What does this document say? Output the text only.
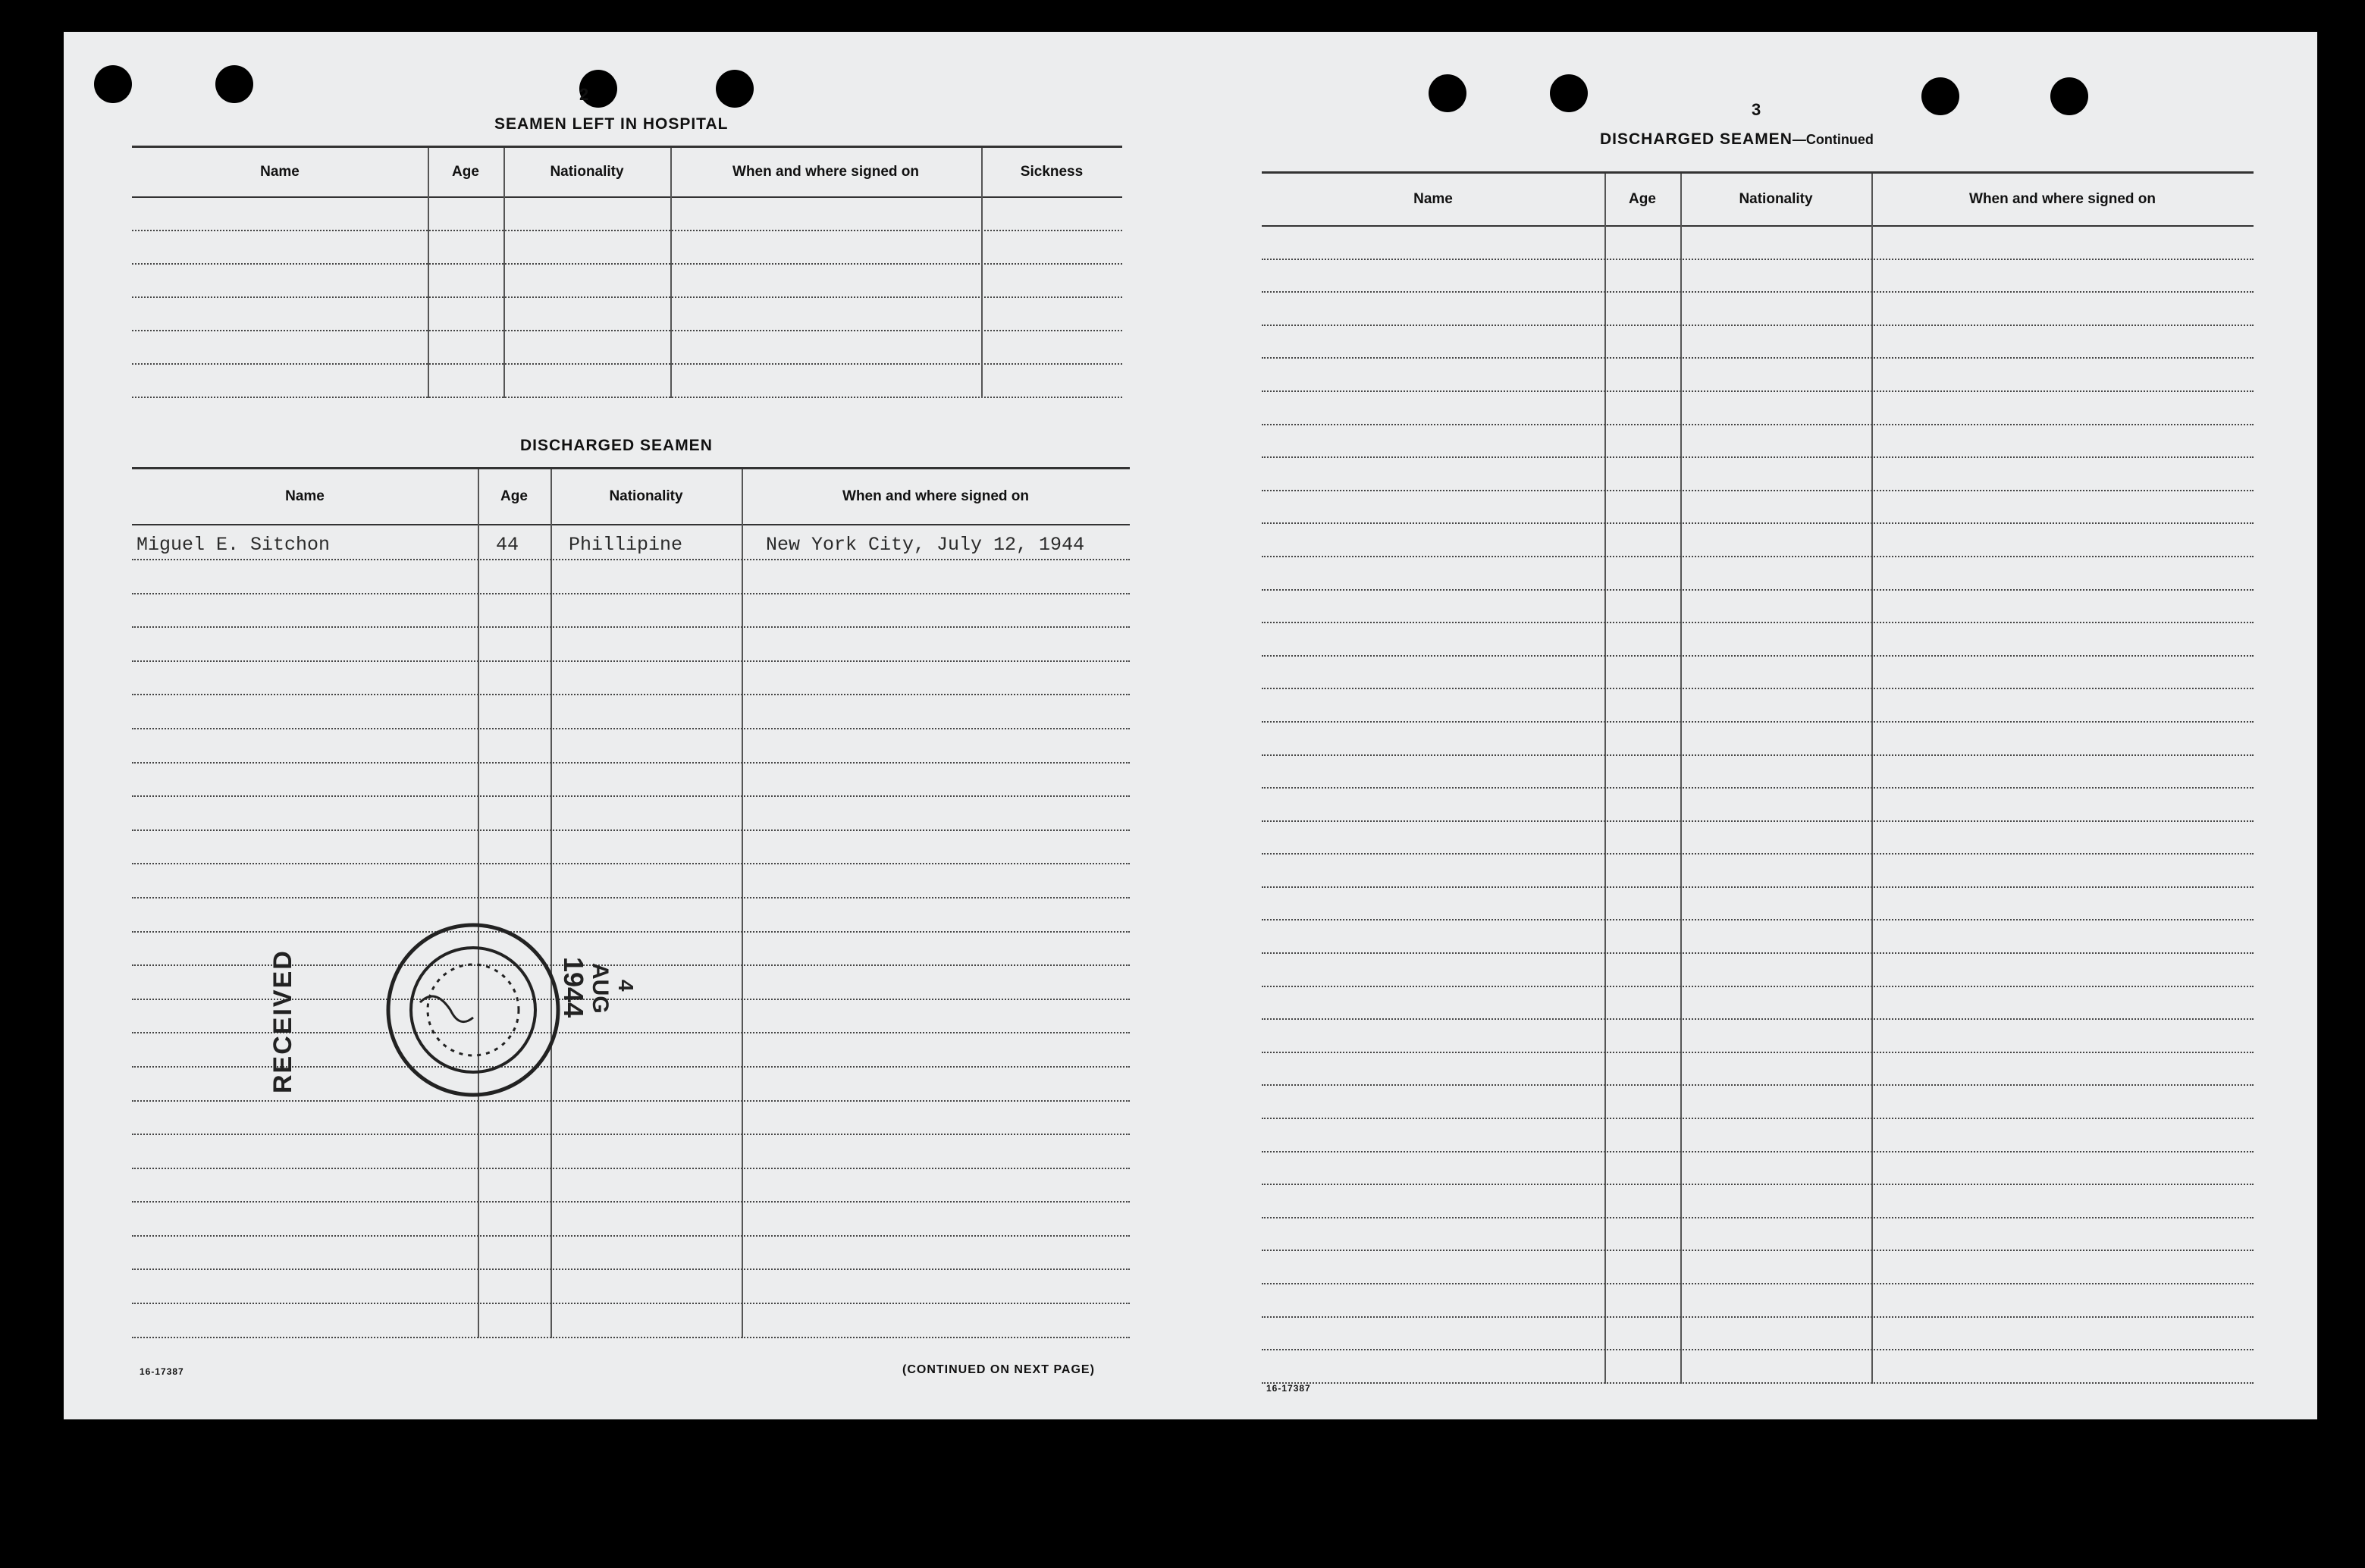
2
SEAMEN LEFT IN HOSPITAL
Name	Age	Nationality	When and where signed on	Sickness
DISCHARGED SEAMEN
Name	Age	Nationality	When and where signed on
Miguel E. Sitchon	44	Phillipine	New York City, July 12, 1944
16-17387	(CONTINUED ON NEXT PAGE)
RECEIVED	1944
AUG 4
3
DISCHARGED SEAMEN—Continued
Name	Age	Nationality	When and where signed on
16-17387
